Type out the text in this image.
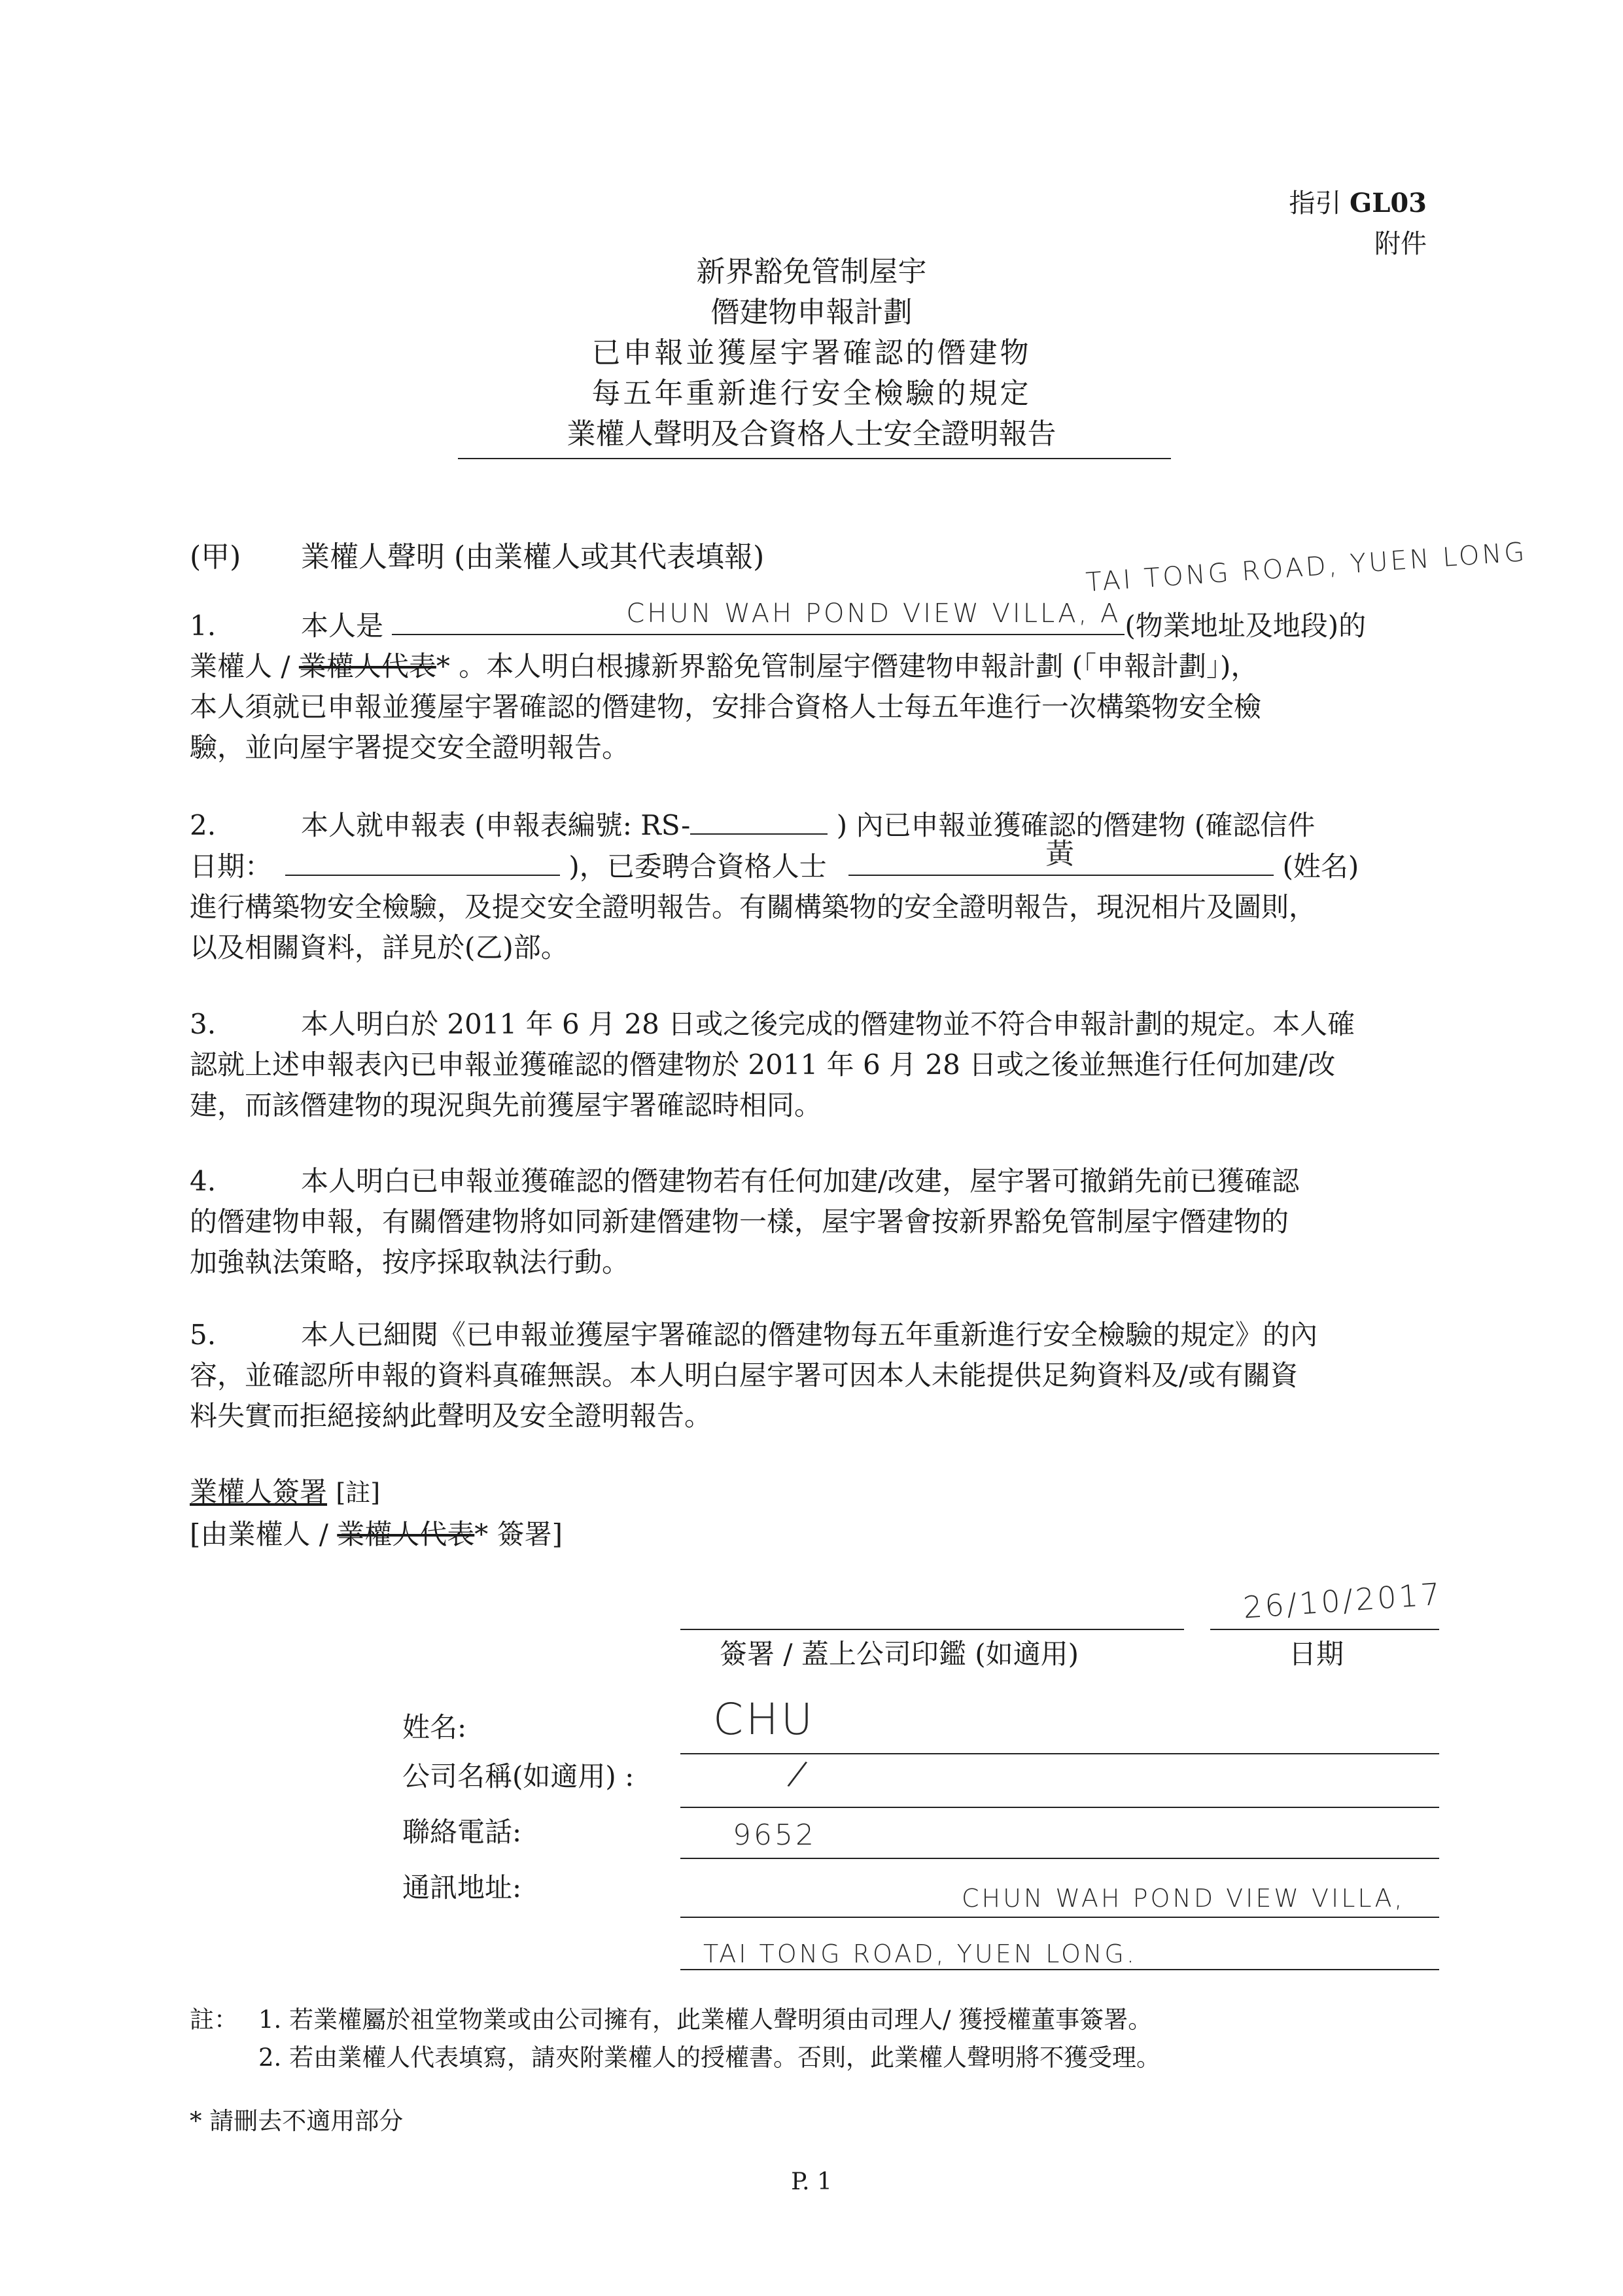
指引 GL03
附件
新界豁免管制屋宇
僭建物申報計劃
已申報並獲屋宇署確認的僭建物
每五年重新進行安全檢驗的規定
業權人聲明及合資格人士安全證明報告
(甲) 業權人聲明 (由業權人或其代表填報)	TAI TONG ROAD, YUEN LONG
1.	本人是	CHUN WAH POND VIEW VILLA, A (物業地址及地段)的
業權人 / 業權人代表* 。本人明白根據新界豁免管制屋宇僭建物申報計劃 (「申報計劃」)，
本人須就已申報並獲屋宇署確認的僭建物，安排合資格人士每五年進行一次構築物安全檢
驗，並向屋宇署提交安全證明報告。
2.	本人就申報表 (申報表編號: RS-	) 內已申報並獲確認的僭建物 (確認信件
日期：	)，已委聘合資格人士	黃	(姓名)
進行構築物安全檢驗，及提交安全證明報告。有關構築物的安全證明報告，現況相片及圖則，
以及相關資料，詳見於(乙)部。
3.	本人明白於 2011 年 6 月 28 日或之後完成的僭建物並不符合申報計劃的規定。本人確
認就上述申報表內已申報並獲確認的僭建物於 2011 年 6 月 28 日或之後並無進行任何加建/改
建，而該僭建物的現況與先前獲屋宇署確認時相同。
4.	本人明白已申報並獲確認的僭建物若有任何加建/改建，屋宇署可撤銷先前已獲確認
的僭建物申報，有關僭建物將如同新建僭建物一樣，屋宇署會按新界豁免管制屋宇僭建物的
加強執法策略，按序採取執法行動。
5.	本人已細閱《已申報並獲屋宇署確認的僭建物每五年重新進行安全檢驗的規定》的內
容，並確認所申報的資料真確無誤。本人明白屋宇署可因本人未能提供足夠資料及/或有關資
料失實而拒絕接納此聲明及安全證明報告。
業權人簽署 [註]
[由業權人 / 業權人代表* 簽署]
26/10/2017
簽署 / 蓋上公司印鑑 (如適用)	日期
姓名:	CHU
公司名稱(如適用) :	/
聯絡電話:	9652
通訊地址:	CHUN WAH POND VIEW VILLA,
TAI TONG ROAD, YUEN LONG.
註： 1. 若業權屬於祖堂物業或由公司擁有，此業權人聲明須由司理人/ 獲授權董事簽署。
2. 若由業權人代表填寫，請夾附業權人的授權書。否則，此業權人聲明將不獲受理。
* 請刪去不適用部分
P. 1
